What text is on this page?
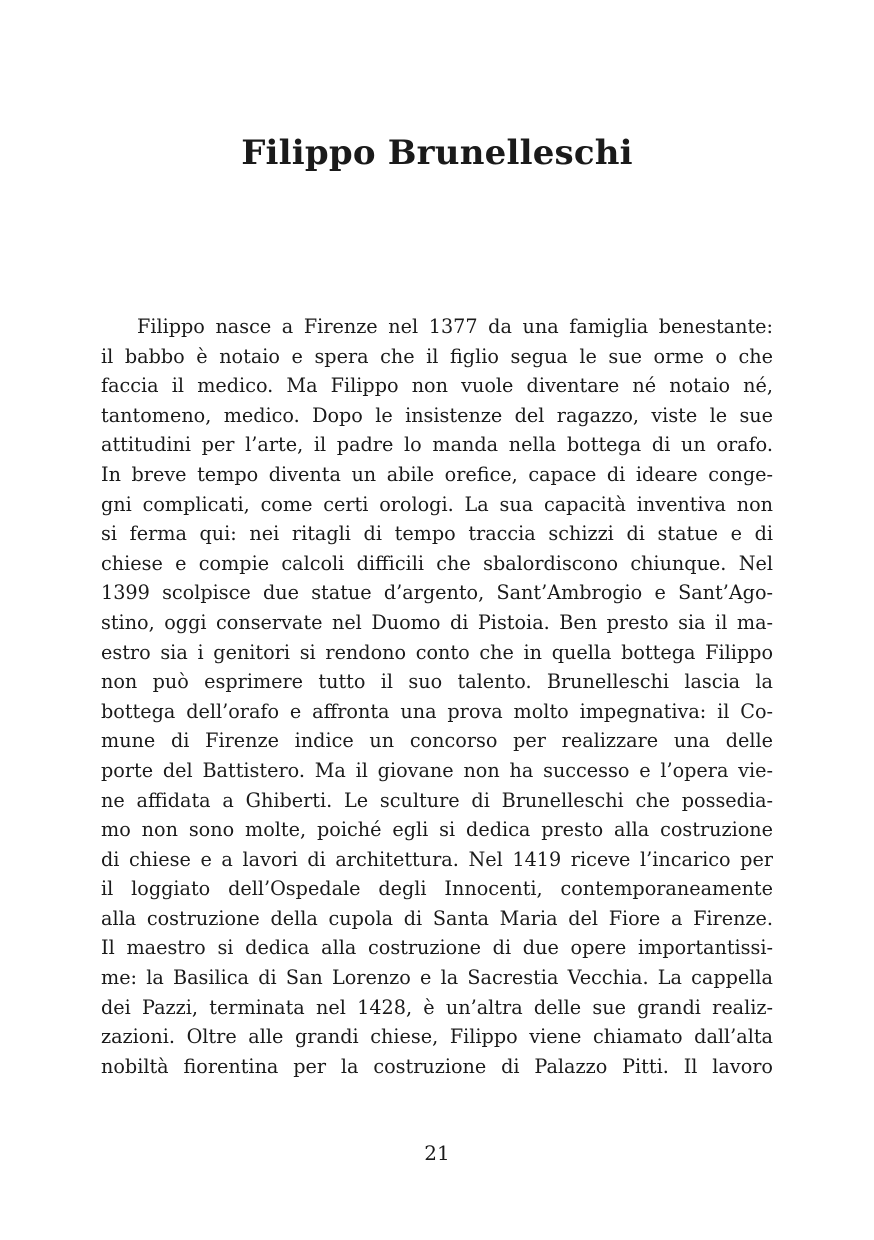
Filippo Brunelleschi
Filippo nasce a Firenze nel 1377 da una famiglia benestante:
il babbo è notaio e spera che il figlio segua le sue orme o che
faccia il medico. Ma Filippo non vuole diventare né notaio né,
tantomeno, medico. Dopo le insistenze del ragazzo, viste le sue
attitudini per l’arte, il padre lo manda nella bottega di un orafo.
In breve tempo diventa un abile orefice, capace di ideare conge-
gni complicati, come certi orologi. La sua capacità inventiva non
si ferma qui: nei ritagli di tempo traccia schizzi di statue e di
chiese e compie calcoli difficili che sbalordiscono chiunque. Nel
1399 scolpisce due statue d’argento, Sant’Ambrogio e Sant’Ago-
stino, oggi conservate nel Duomo di Pistoia. Ben presto sia il ma-
estro sia i genitori si rendono conto che in quella bottega Filippo
non può esprimere tutto il suo talento. Brunelleschi lascia la
bottega dell’orafo e affronta una prova molto impegnativa: il Co-
mune di Firenze indice un concorso per realizzare una delle
porte del Battistero. Ma il giovane non ha successo e l’opera vie-
ne affidata a Ghiberti. Le sculture di Brunelleschi che possedia-
mo non sono molte, poiché egli si dedica presto alla costruzione
di chiese e a lavori di architettura. Nel 1419 riceve l’incarico per
il loggiato dell’Ospedale degli Innocenti, contemporaneamente
alla costruzione della cupola di Santa Maria del Fiore a Firenze.
Il maestro si dedica alla costruzione di due opere importantissi-
me: la Basilica di San Lorenzo e la Sacrestia Vecchia. La cappella
dei Pazzi, terminata nel 1428, è un’altra delle sue grandi realiz-
zazioni. Oltre alle grandi chiese, Filippo viene chiamato dall’alta
nobiltà fiorentina per la costruzione di Palazzo Pitti. Il lavoro
21
